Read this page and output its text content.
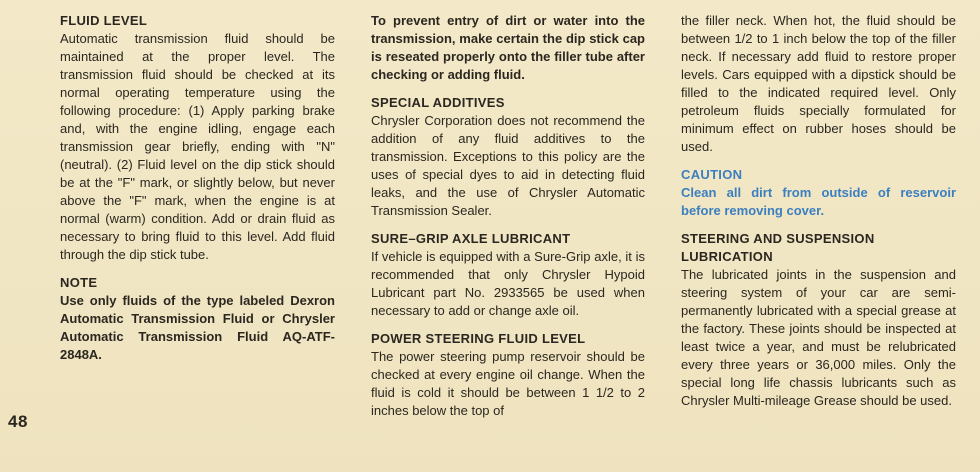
FLUID LEVEL

Automatic transmission fluid should be maintained at the proper level. The transmission fluid should be checked at its normal operating temperature using the following procedure: (1) Apply parking brake and, with the engine idling, engage each transmission gear briefly, ending with "N" (neutral). (2) Fluid level on the dip stick should be at the "F" mark, or slightly below, but never above the "F" mark, when the engine is at normal (warm) condition. Add or drain fluid as necessary to bring fluid to this level. Add fluid through the dip stick tube.

NOTE

Use only fluids of the type labeled Dexron Automatic Transmission Fluid or Chrysler Automatic Transmission Fluid AQ-ATF-2848A.

To prevent entry of dirt or water into the transmission, make certain the dip stick cap is reseated properly onto the filler tube after checking or adding fluid.

SPECIAL ADDITIVES

Chrysler Corporation does not recommend the addition of any fluid additives to the transmission. Exceptions to this policy are the uses of special dyes to aid in detecting fluid leaks, and the use of Chrysler Automatic Transmission Sealer.

SURE–GRIP AXLE LUBRICANT

If vehicle is equipped with a Sure-Grip axle, it is recommended that only Chrysler Hypoid Lubricant part No. 2933565 be used when necessary to add or change axle oil.

POWER STEERING FLUID LEVEL

The power steering pump reservoir should be checked at every engine oil change. When the fluid is cold it should be between 1 1/2 to 2 inches below the top of

the filler neck. When hot, the fluid should be between 1/2 to 1 inch below the top of the filler neck. If necessary add fluid to restore proper levels. Cars equipped with a dipstick should be filled to the indicated required level. Only petroleum fluids specially formulated for minimum effect on rubber hoses should be used.

CAUTION

Clean all dirt from outside of reservoir before removing cover.

STEERING AND SUSPENSION LUBRICATION

The lubricated joints in the suspension and steering system of your car are semi-permanently lubricated with a special grease at the factory. These joints should be inspected at least twice a year, and must be relubricated every three years or 36,000 miles. Only the special long life chassis lubricants such as Chrysler Multi-mileage Grease should be used.

48
